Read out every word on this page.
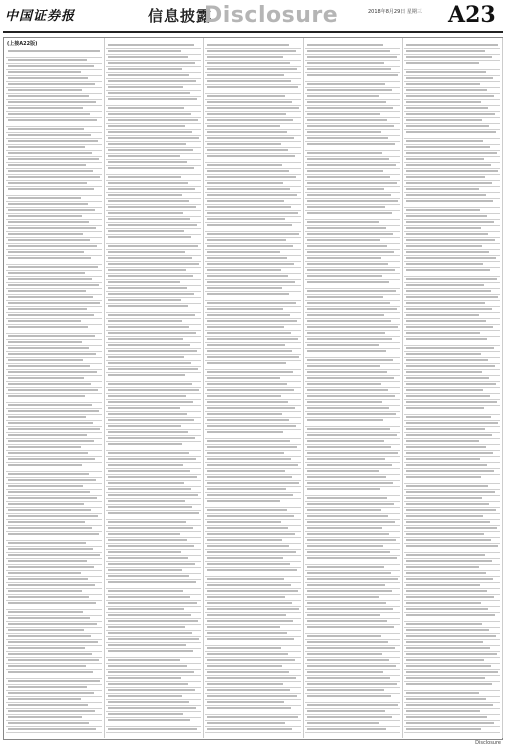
中国证券报	信息披露
Disclosure	2018年8月29日 星期三 A23
(上接A22版)
Disclosure
